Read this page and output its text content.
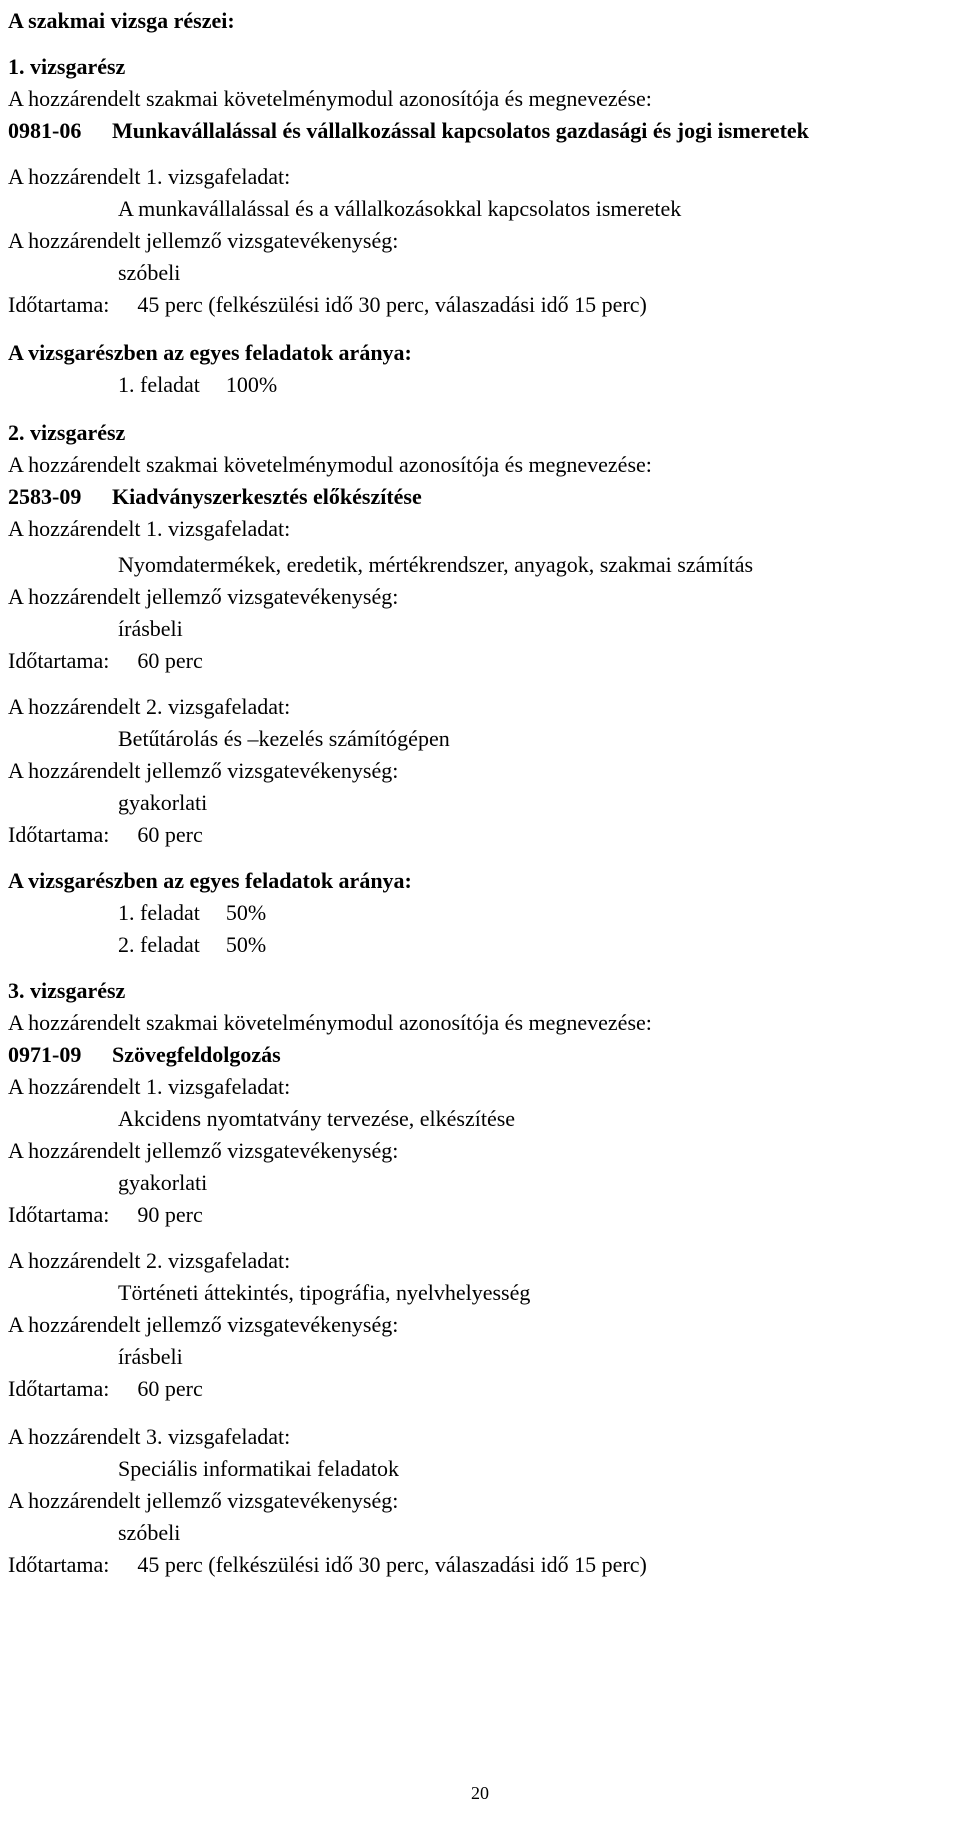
A szakmai vizsga részei:
1. vizsgarész
A hozzárendelt szakmai követelménymodul azonosítója és megnevezése:
0981-06 Munkavállalással és vállalkozással kapcsolatos gazdasági és jogi ismeretek
A hozzárendelt 1. vizsgafeladat:
A munkavállalással és a vállalkozásokkal kapcsolatos ismeretek
A hozzárendelt jellemző vizsgatevékenység:
szóbeli
Időtartama: 45 perc (felkészülési idő 30 perc, válaszadási idő 15 perc)
A vizsgarészben az egyes feladatok aránya:
1. feladat 100%
2. vizsgarész
A hozzárendelt szakmai követelménymodul azonosítója és megnevezése:
2583-09 Kiadványszerkesztés előkészítése
A hozzárendelt 1. vizsgafeladat:
Nyomdatermékek, eredetik, mértékrendszer, anyagok, szakmai számítás
A hozzárendelt jellemző vizsgatevékenység:
írásbeli
Időtartama: 60 perc
A hozzárendelt 2. vizsgafeladat:
Betűtárolás és –kezelés számítógépen
A hozzárendelt jellemző vizsgatevékenység:
gyakorlati
Időtartama: 60 perc
A vizsgarészben az egyes feladatok aránya:
1. feladat 50%
2. feladat 50%
3. vizsgarész
A hozzárendelt szakmai követelménymodul azonosítója és megnevezése:
0971-09 Szövegfeldolgozás
A hozzárendelt 1. vizsgafeladat:
Akcidens nyomtatvány tervezése, elkészítése
A hozzárendelt jellemző vizsgatevékenység:
gyakorlati
Időtartama: 90 perc
A hozzárendelt 2. vizsgafeladat:
Történeti áttekintés, tipográfia, nyelvhelyesség
A hozzárendelt jellemző vizsgatevékenység:
írásbeli
Időtartama: 60 perc
A hozzárendelt 3. vizsgafeladat:
Speciális informatikai feladatok
A hozzárendelt jellemző vizsgatevékenység:
szóbeli
Időtartama: 45 perc (felkészülési idő 30 perc, válaszadási idő 15 perc)
20
